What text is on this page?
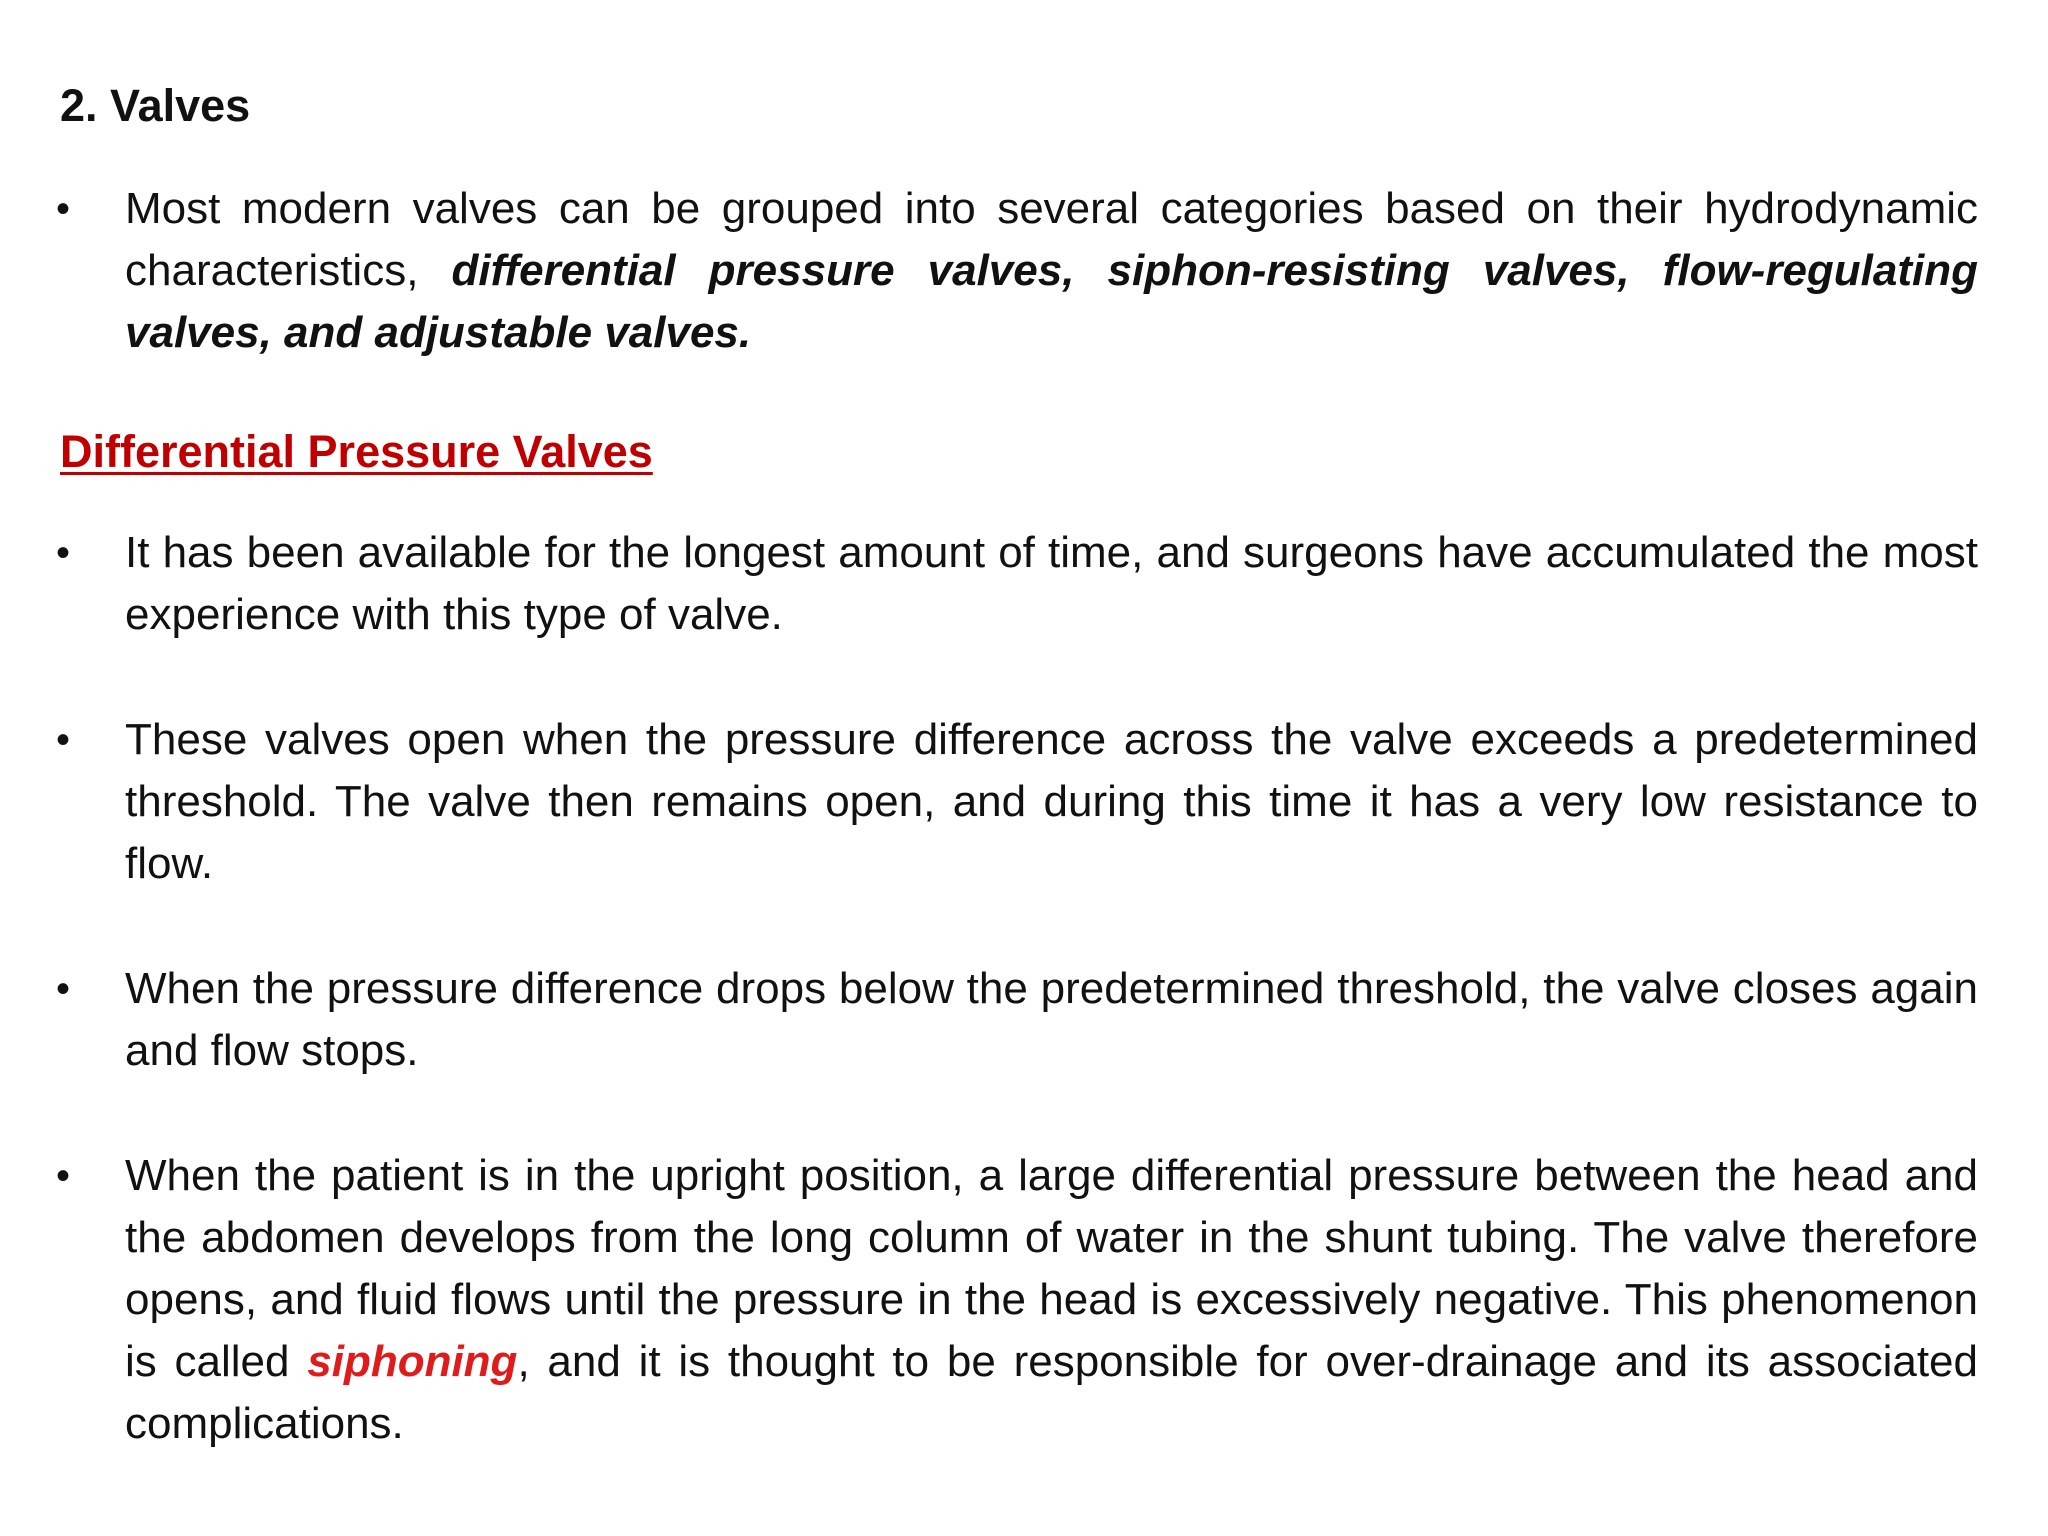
2. Valves
• Most modern valves can be grouped into several categories based on their hydrodynamic characteristics, differential pressure valves, siphon-resisting valves, flow-regulating valves, and adjustable valves.

Differential Pressure Valves
• It has been available for the longest amount of time, and surgeons have accumulated the most experience with this type of valve.

• These valves open when the pressure difference across the valve exceeds a predetermined threshold. The valve then remains open, and during this time it has a very low resistance to flow.

• When the pressure difference drops below the predetermined threshold, the valve closes again and flow stops.

• When the patient is in the upright position, a large differential pressure between the head and the abdomen develops from the long column of water in the shunt tubing. The valve therefore opens, and fluid flows until the pressure in the head is excessively negative. This phenomenon is called siphoning, and it is thought to be responsible for over-drainage and its associated complications.
